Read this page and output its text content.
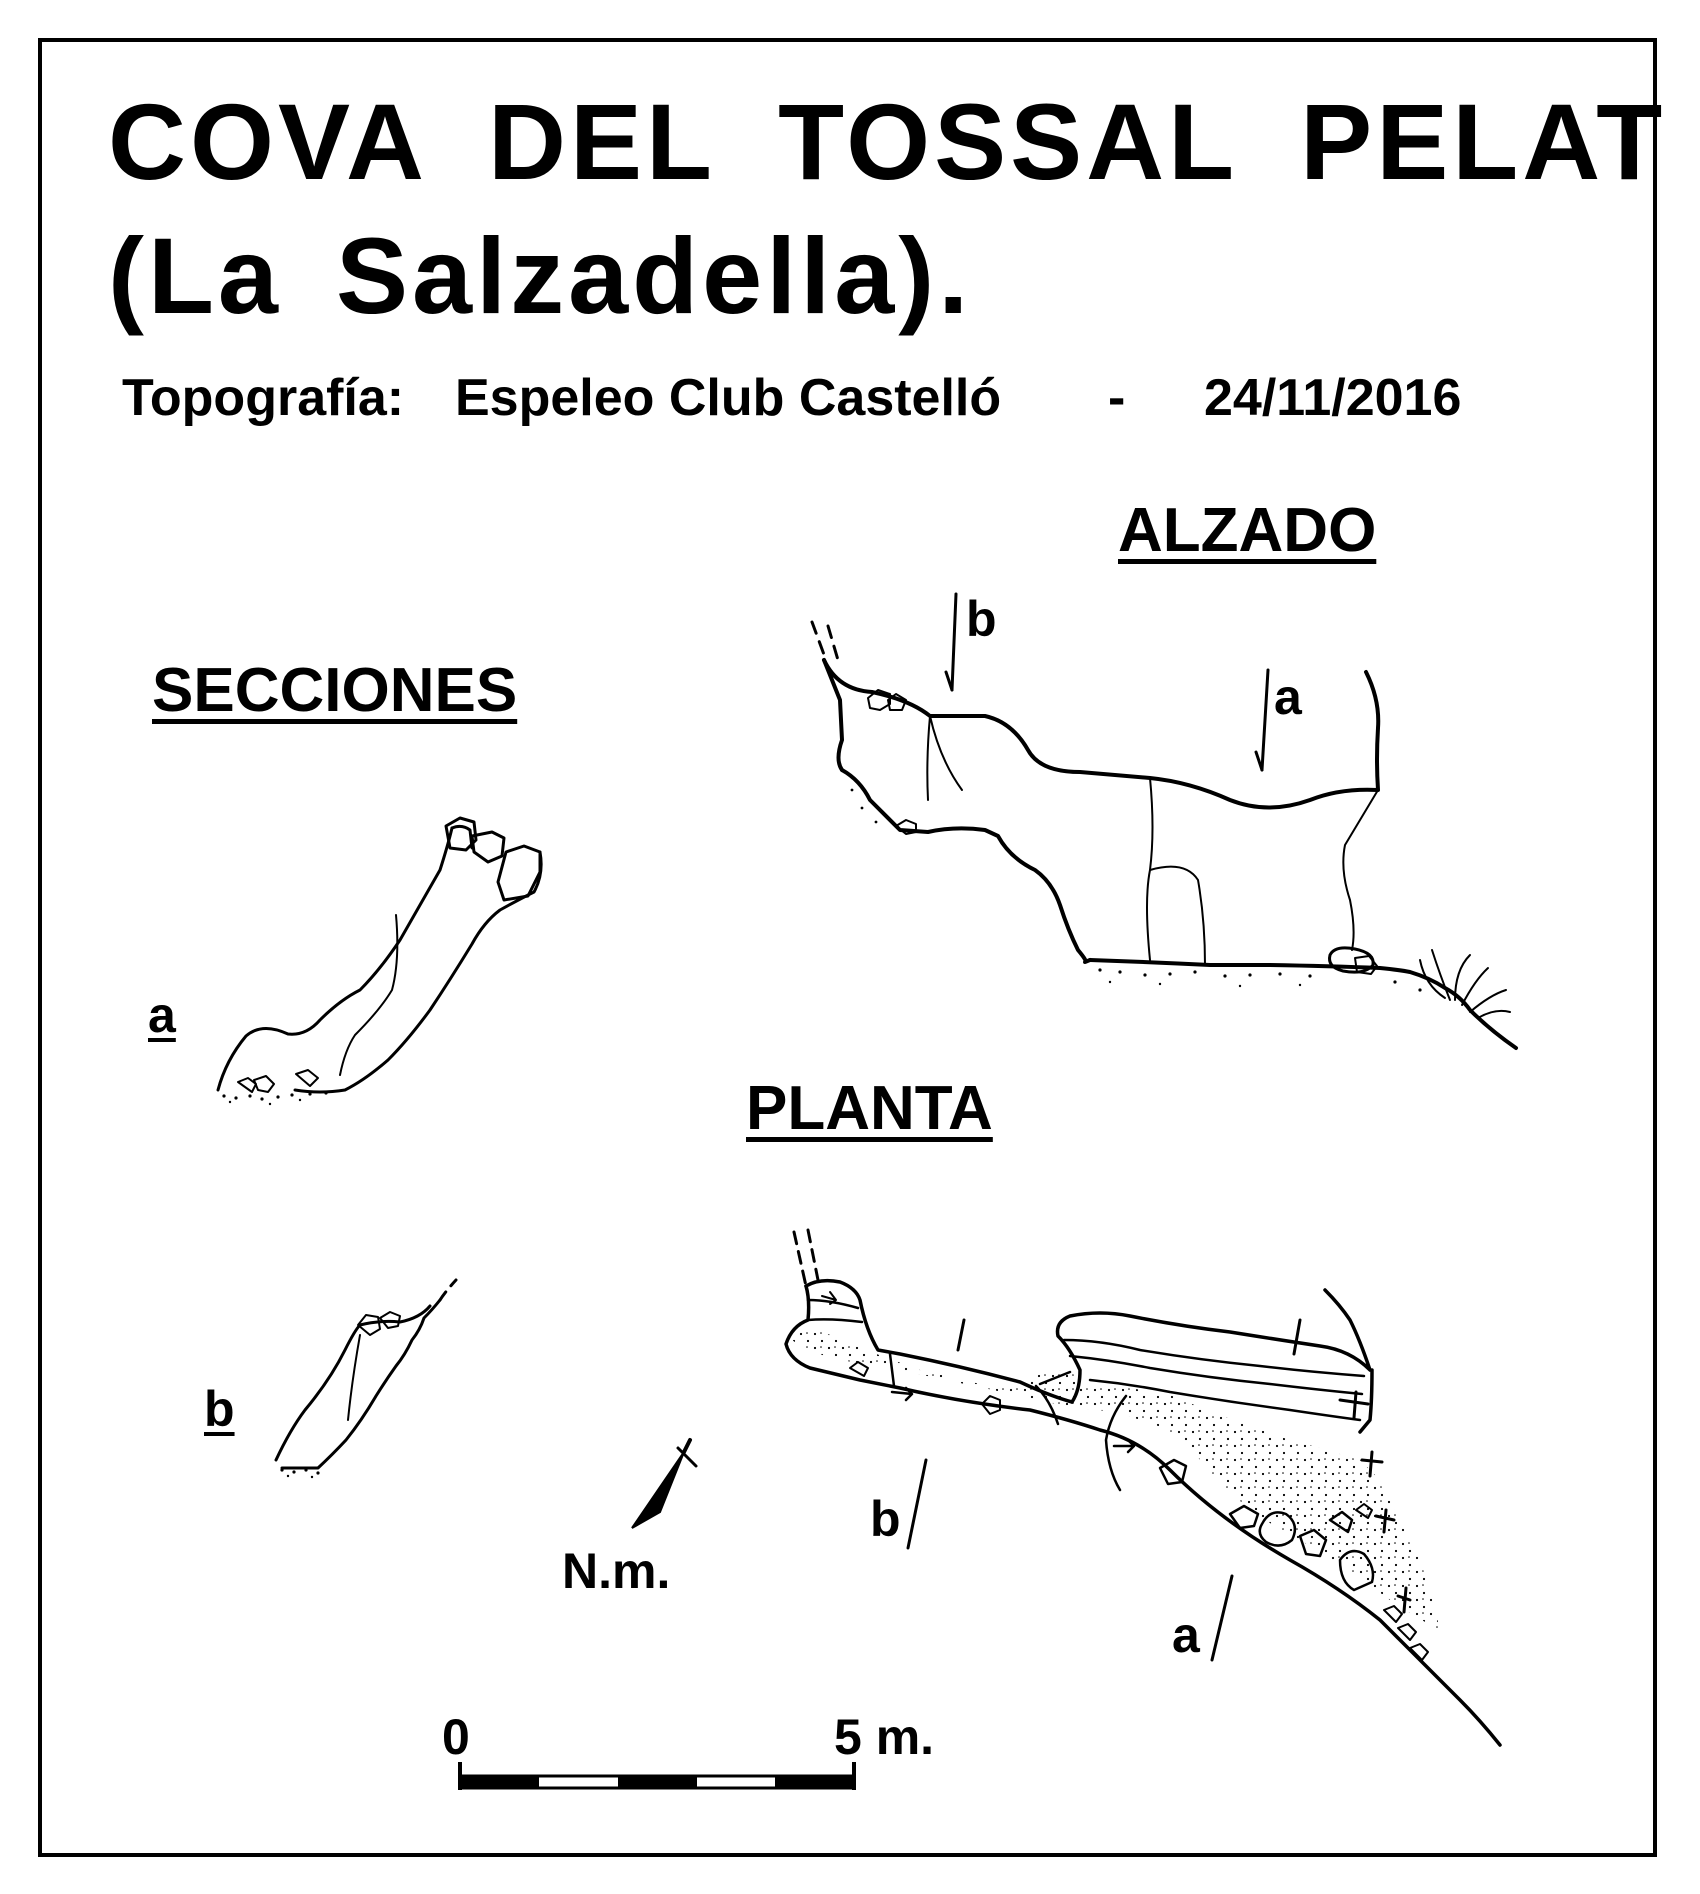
COVA DEL TOSSAL PELAT
(La Salzadella).
Topografía: Espeleo Club Castelló - 24/11/2016
ALZADO
SECCIONES
PLANTA
b
a
a
b
b
a
N.m.
0	5 m.
